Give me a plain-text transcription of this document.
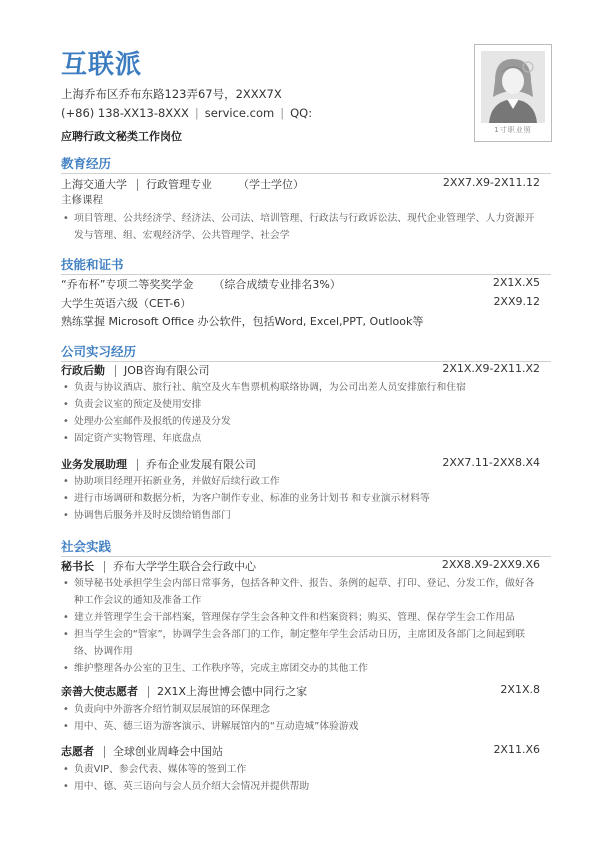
互联派
上海乔布区乔布东路123弄67号，2XXX7X
(+86) 138-XX13-8XXX | service.com | QQ:
应聘行政文秘类工作岗位	1寸职业照
教育经历
上海交通大学 行政管理专业 （学士学位）	2XX7.X9-2X11.12
主修课程
• 项目管理、公共经济学、经济法、公司法、培训管理、行政法与行政诉讼法、现代企业管理学、人力资源开发与管理、组、宏观经济学、公共管理学、社会学
技能和证书
“乔布杯”专项二等奖奖学金 （综合成绩专业排名3%）	2X1X.X5
大学生英语六级（CET-6）	2XX9.12
熟练掌握 Microsoft Office 办公软件，包括Word, Excel,PPT, Outlook等
公司实习经历
行政后勤 JOB咨询有限公司	2X1X.X9-2X11.X2
• 负责与协议酒店、旅行社、航空及火车售票机构联络协调，为公司出差人员安排旅行和住宿
• 负责会议室的预定及使用安排
• 处理办公室邮件及报纸的传递及分发
• 固定资产实物管理、年底盘点
业务发展助理 乔布企业发展有限公司	2XX7.11-2XX8.X4
• 协助项目经理开拓新业务，并做好后续行政工作
• 进行市场调研和数据分析，为客户制作专业、标准的业务计划书 和专业演示材料等
• 协调售后服务并及时反馈给销售部门
社会实践
秘书长 乔布大学学生联合会行政中心	2XX8.X9-2XX9.X6
• 领导秘书处承担学生会内部日常事务，包括各种文件、报告、条例的起草、打印、登记、分发工作，做好各种工作会议的通知及准备工作
• 建立并管理学生会干部档案，管理保存学生会各种文件和档案资料；购买、管理、保存学生会工作用品
• 担当学生会的“管家”，协调学生会各部门的工作，制定整年学生会活动日历，主席团及各部门之间起到联络、协调作用
• 维护整理各办公室的卫生、工作秩序等，完成主席团交办的其他工作
亲善大使志愿者 2X1X上海世博会德中同行之家	2X1X.8
• 负责向中外游客介绍竹制双层展馆的环保理念
• 用中、英、德三语为游客演示、讲解展馆内的“互动造城”体验游戏
志愿者 全球创业周峰会中国站	2X11.X6
• 负责VIP、参会代表、媒体等的签到工作
• 用中、德、英三语向与会人员介绍大会情况并提供帮助
